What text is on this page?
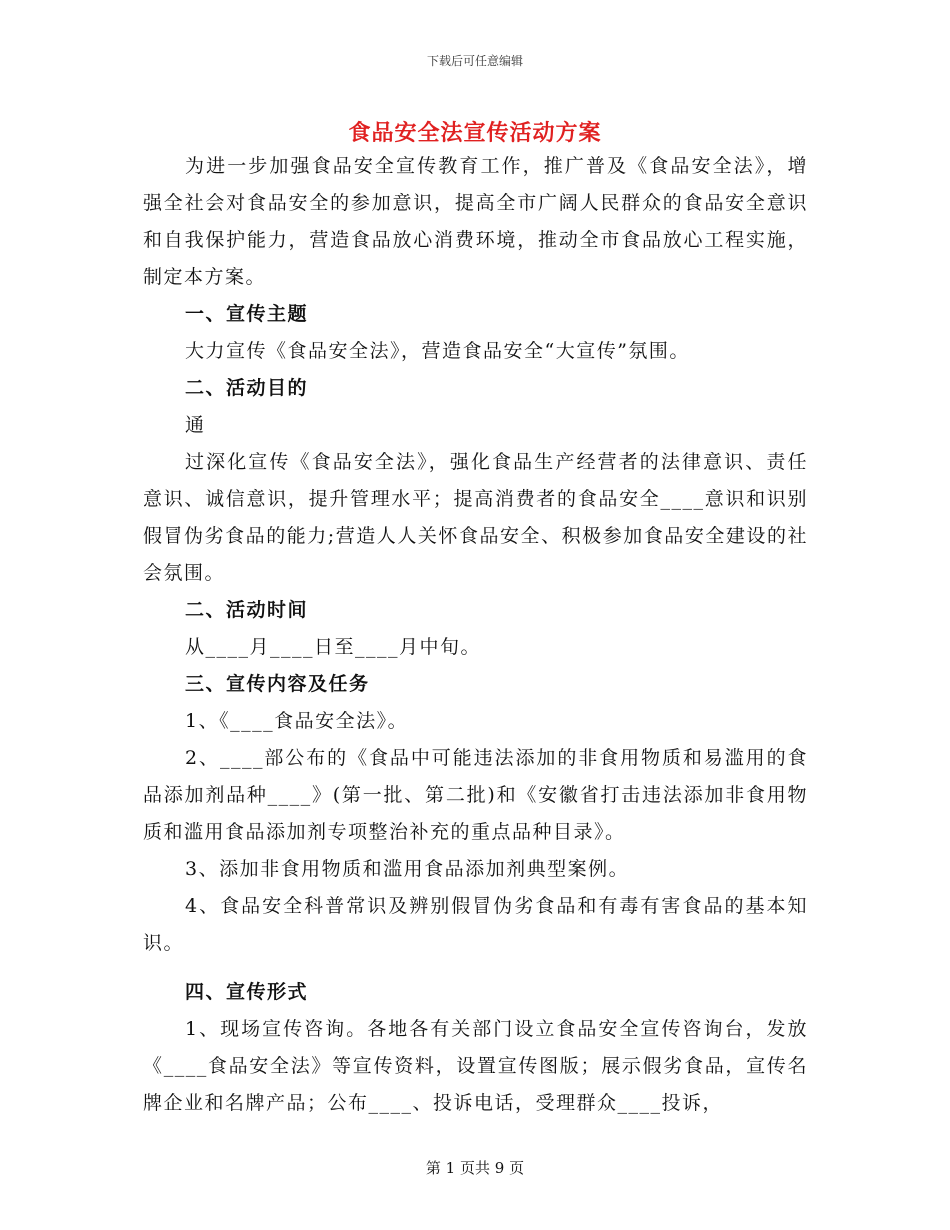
下载后可任意编辑
食品安全法宣传活动方案

为进一步加强食品安全宣传教育工作，推广普及《食品安全法》，增强全社会对食品安全的参加意识，提高全市广阔人民群众的食品安全意识和自我保护能力，营造食品放心消费环境，推动全市食品放心工程实施，制定本方案。

一、宣传主题

大力宣传《食品安全法》，营造食品安全“大宣传”氛围。

二、活动目的

通

过深化宣传《食品安全法》，强化食品生产经营者的法律意识、责任意识、诚信意识，提升管理水平；提高消费者的食品安全____意识和识别假冒伪劣食品的能力;营造人人关怀食品安全、积极参加食品安全建设的社会氛围。

二、活动时间

从____月____日至____月中旬。

三、宣传内容及任务

1、《____食品安全法》。

2、____部公布的《食品中可能违法添加的非食用物质和易滥用的食品添加剂品种____》(第一批、第二批)和《安徽省打击违法添加非食用物质和滥用食品添加剂专项整治补充的重点品种目录》。

3、添加非食用物质和滥用食品添加剂典型案例。

4、食品安全科普常识及辨别假冒伪劣食品和有毒有害食品的基本知识。

四、宣传形式

1、现场宣传咨询。各地各有关部门设立食品安全宣传咨询台，发放《____食品安全法》等宣传资料，设置宣传图版；展示假劣食品，宣传名牌企业和名牌产品；公布____、投诉电话，受理群众____投诉，

第 1 页共 9 页
